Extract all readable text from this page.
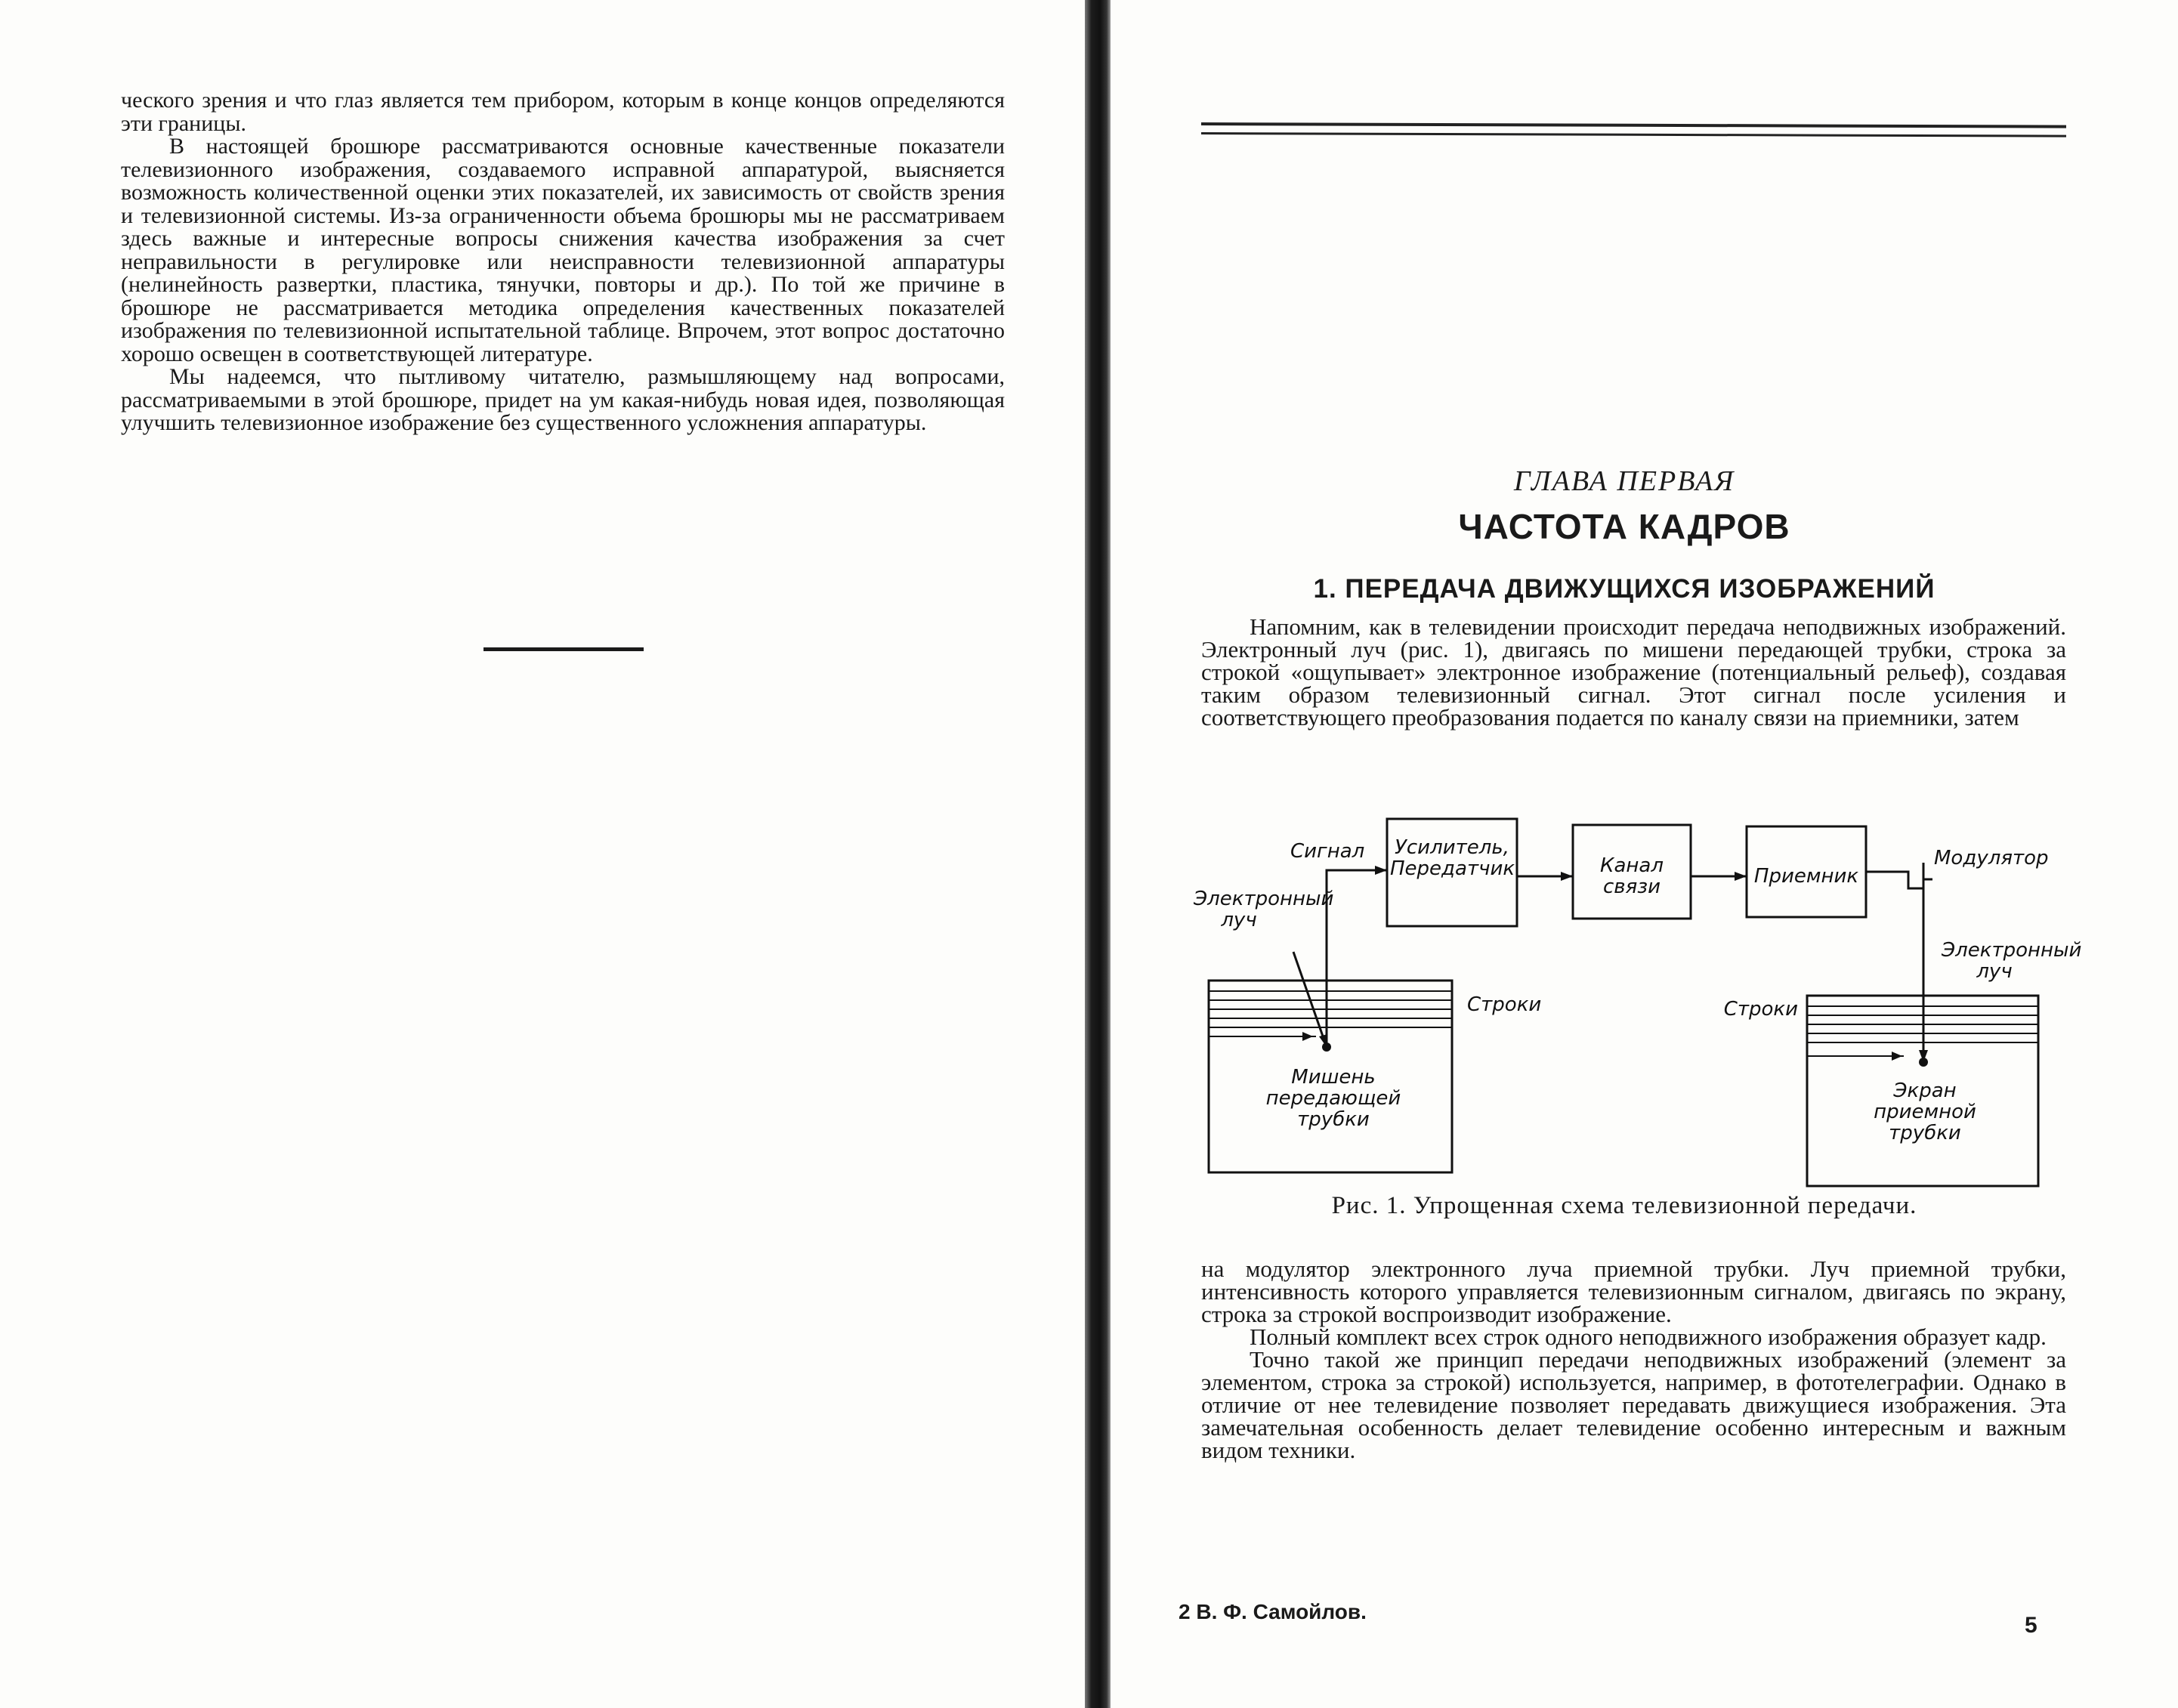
ческого зрения и что глаз является тем прибором, которым в конце концов определяются эти границы.

В настоящей брошюре рассматриваются основные качественные показатели телевизионного изображения, создаваемого исправной аппаратурой, выясняется возможность количественной оценки этих показателей, их зависимость от свойств зрения и телевизионной системы. Из-за ограниченности объема брошюры мы не рассматриваем здесь важные и интересные вопросы снижения качества изображения за счет неправильности в регулировке или неисправности телевизионной аппаратуры (нелинейность развертки, пластика, тянучки, повторы и др.). По той же причине в брошюре не рассматривается методика определения качественных показателей изображения по телевизионной испытательной таблице. Впрочем, этот вопрос достаточно хорошо освещен в соответствующей литературе.

Мы надеемся, что пытливому читателю, размышляющему над вопросами, рассматриваемыми в этой брошюре, придет на ум какая-нибудь новая идея, позволяющая улучшить телевизионное изображение без существенного усложнения аппаратуры.

ГЛАВА ПЕРВАЯ
ЧАСТОТА КАДРОВ
1. ПЕРЕДАЧА ДВИЖУЩИХСЯ ИЗОБРАЖЕНИЙ

Напомним, как в телевидении происходит передача неподвижных изображений. Электронный луч (рис. 1), двигаясь по мишени передающей трубки, строка за строкой «ощупывает» электронное изображение (потенциальный рельеф), создавая таким образом телевизионный сигнал. Этот сигнал после усиления и соответствующего преобразования подается по каналу связи на приемники, затем

Сигнал	Усилитель, Передатчик	Канал связи	Приемник
Модулятор
Электронный луч
Электронный луч
Строки	Строки
Мишень передающей трубки
Экран приемной трубки
Рис. 1. Упрощенная схема телевизионной передачи.

на модулятор электронного луча приемной трубки. Луч приемной трубки, интенсивность которого управляется телевизионным сигналом, двигаясь по экрану, строка за строкой воспроизводит изображение.

Полный комплект всех строк одного неподвижного изображения образует кадр.

Точно такой же принцип передачи неподвижных изображений (элемент за элементом, строка за строкой) используется, например, в фототелеграфии. Однако в отличие от нее телевидение позволяет передавать движущиеся изображения. Эта замечательная особенность делает телевидение особенно интересным и важным видом техники.

2 В. Ф. Самойлов.
5
